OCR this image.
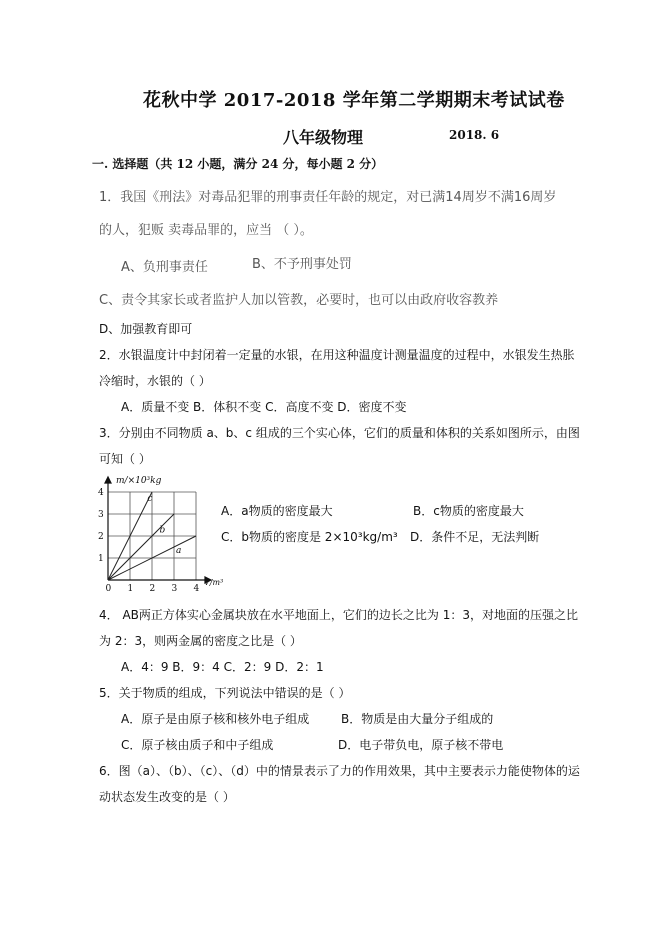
花秋中学 2017-2018 学年第二学期期末考试试卷
八年级物理	2018. 6
一. 选择题（共 12 小题，满分 24 分，每小题 2 分）
1．我国《刑法》对毒品犯罪的刑事责任年龄的规定，对已满14周岁不满16周岁
的人，犯贩 卖毒品罪的，应当 （ ）。
A、负刑事责任	B、不予刑事处罚
C、责令其家长或者监护人加以管教，必要时，也可以由政府收容教养
D、加强教育即可
2．水银温度计中封闭着一定量的水银，在用这种温度计测量温度的过程中，水银发生热胀
冷缩时，水银的（ ）
A．质量不变 B．体积不变 C．高度不变 D．密度不变
3．分别由不同物质 a、b、c 组成的三个实心体，它们的质量和体积的关系如图所示，由图
可知（ ）
0 1 2 3 4
1
2
3
4
c
b
a
m/×10³kg
V/m³
A．a物质的密度最大	B．c物质的密度最大
C．b物质的密度是 2×10³kg/m³ D．条件不足，无法判断
4． AB两正方体实心金属块放在水平地面上，它们的边长之比为 1：3，对地面的压强之比
为 2：3，则两金属的密度之比是（ ）
A．4：9 B．9：4 C．2：9 D．2：1
5．关于物质的组成，下列说法中错误的是（ ）
A．原子是由原子核和核外电子组成	B．物质是由大量分子组成的
C．原子核由质子和中子组成	D．电子带负电，原子核不带电
6．图（a）、（b）、（c）、（d）中的情景表示了力的作用效果，其中主要表示力能使物体的运
动状态发生改变的是（ ）
